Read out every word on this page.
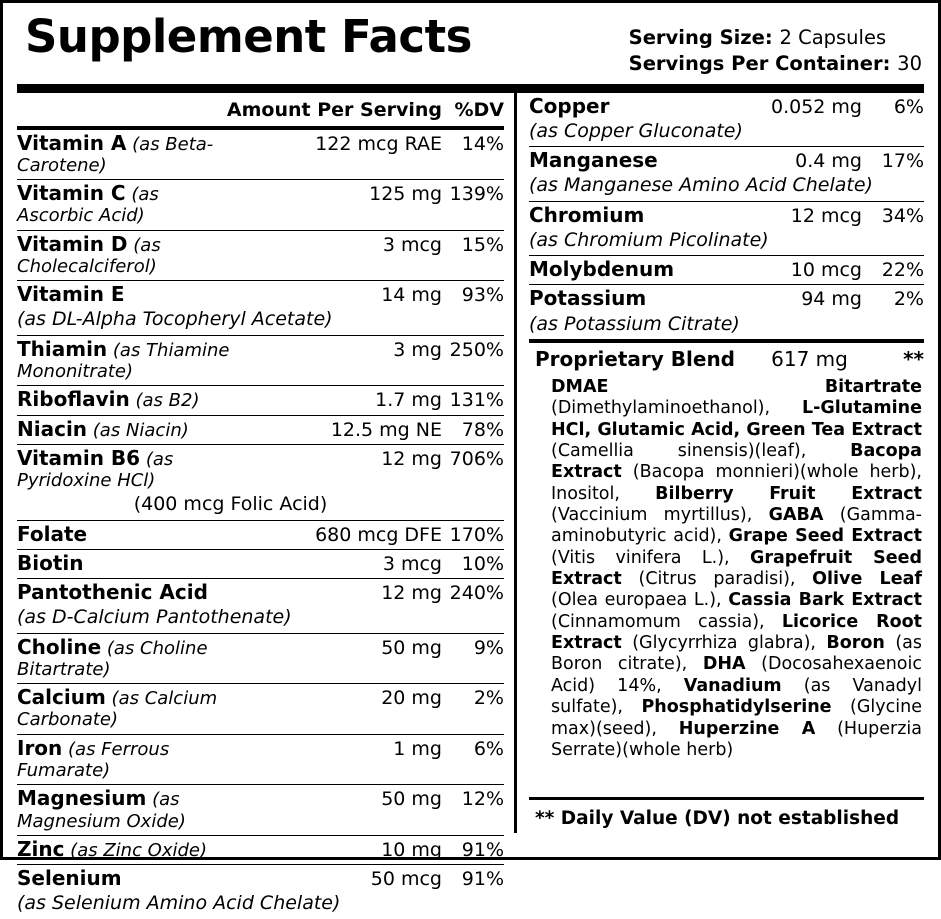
Supplement Facts	Serving Size: 2 Capsules
Servings Per Container: 30
Amount Per Serving %DV
Vitamin A (as Beta-Carotene)	122 mcg RAE	14%
Vitamin C (as Ascorbic Acid)	125 mg	139%
Vitamin D (as Cholecalciferol)	3 mcg	15%
Vitamin E	14 mg	93%
(as DL-Alpha Tocopheryl Acetate)		
Thiamin (as Thiamine Mononitrate)	3 mg	250%
Riboflavin (as B2)	1.7 mg	131%
Niacin (as Niacin)	12.5 mg NE	78%
Vitamin B6 (as Pyridoxine HCl)	12 mg	706%
(400 mcg Folic Acid)		
Folate	680 mcg DFE	170%
Biotin	3 mcg	10%
Pantothenic Acid	12 mg	240%
(as D-Calcium Pantothenate)		
Choline (as Choline Bitartrate)	50 mg	9%
Calcium (as Calcium Carbonate)	20 mg	2%
Iron (as Ferrous Fumarate)	1 mg	6%
Magnesium (as Magnesium Oxide)	50 mg	12%
Zinc (as Zinc Oxide)	10 mg	91%
Selenium	50 mcg	91%
(as Selenium Amino Acid Chelate)		
Copper	0.052 mg	6%
(as Copper Gluconate)		
Manganese	0.4 mg	17%
(as Manganese Amino Acid Chelate)		
Chromium	12 mcg	34%
(as Chromium Picolinate)		
Molybdenum	10 mcg	22%
Potassium	94 mg	2%
(as Potassium Citrate)		
Proprietary Blend	617 mg	**
DMAE Bitartrate (Dimethylaminoethanol), L-Glutamine HCl, Glutamic Acid, Green Tea Extract (Camellia sinensis)(leaf), Bacopa Extract (Bacopa monnieri)(whole herb), Inositol, Bilberry Fruit Extract (Vaccinium myrtillus), GABA (Gamma-aminobutyric acid), Grape Seed Extract (Vitis vinifera L.), Grapefruit Seed Extract (Citrus paradisi), Olive Leaf (Olea europaea L.), Cassia Bark Extract (Cinnamomum cassia), Licorice Root Extract (Glycyrrhiza glabra), Boron (as Boron citrate), DHA (Docosahexaenoic Acid) 14%, Vanadium (as Vanadyl sulfate), Phosphatidylserine (Glycine max)(seed), Huperzine A (Huperzia Serrate)(whole herb)
** Daily Value (DV) not established
